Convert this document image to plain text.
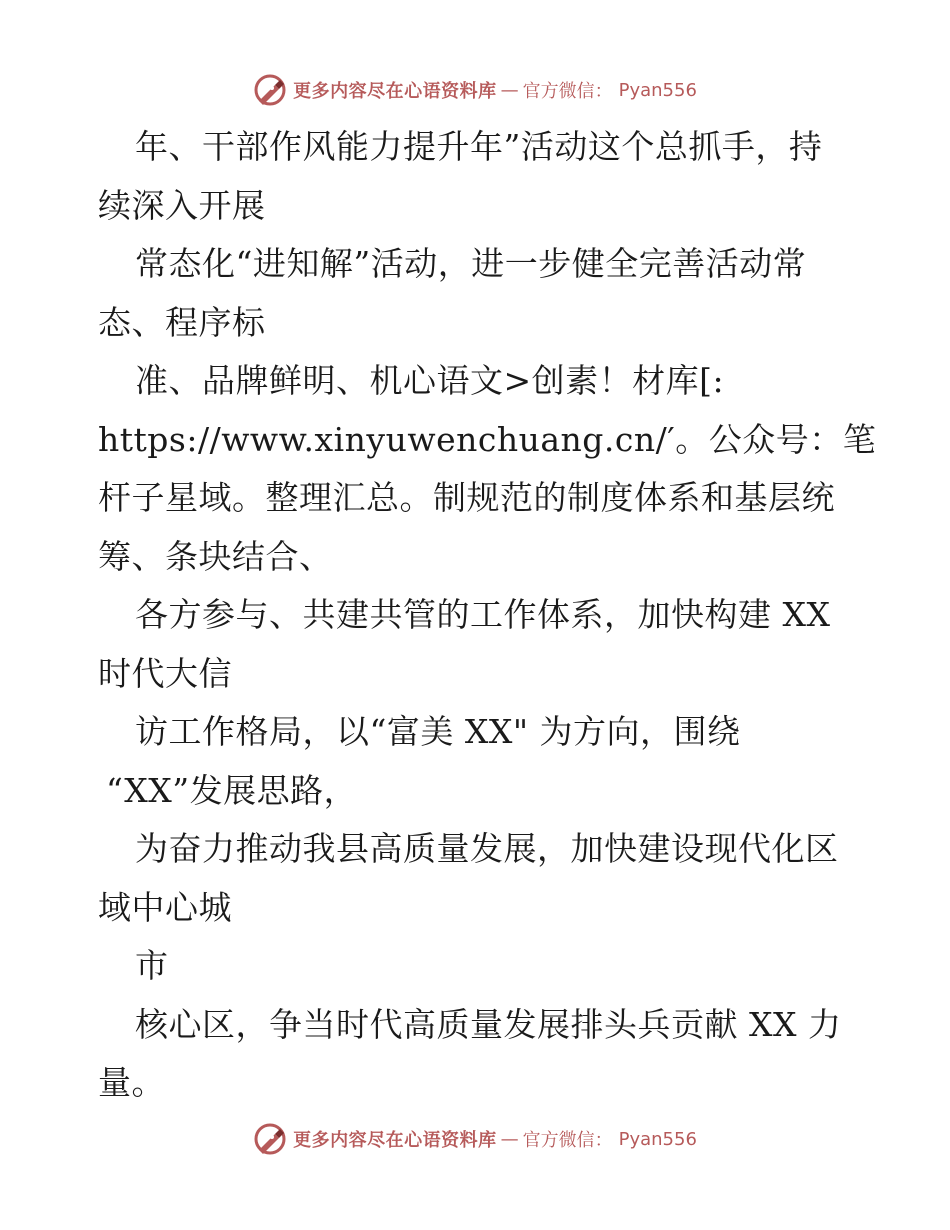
更多内容尽在心语资料库 — 官方微信： Pyan556
年、干部作风能力提升年”活动这个总抓手，持
续深入开展
常态化“进知解”活动，进一步健全完善活动常
态、程序标
准、品牌鲜明、机心语文>创素！材库[:
https://www.xinyuwenchuang.cn/′。公众号：笔
杆子星域。整理汇总。制规范的制度体系和基层统
筹、条块结合、
各方参与、共建共管的工作体系，加快构建 XX
时代大信
访工作格局，以“富美 XX" 为方向，围绕
“XX”发展思路，
为奋力推动我县高质量发展，加快建设现代化区
域中心城
市
核心区，争当时代高质量发展排头兵贡献 XX 力
量。
更多内容尽在心语资料库 — 官方微信： Pyan556
